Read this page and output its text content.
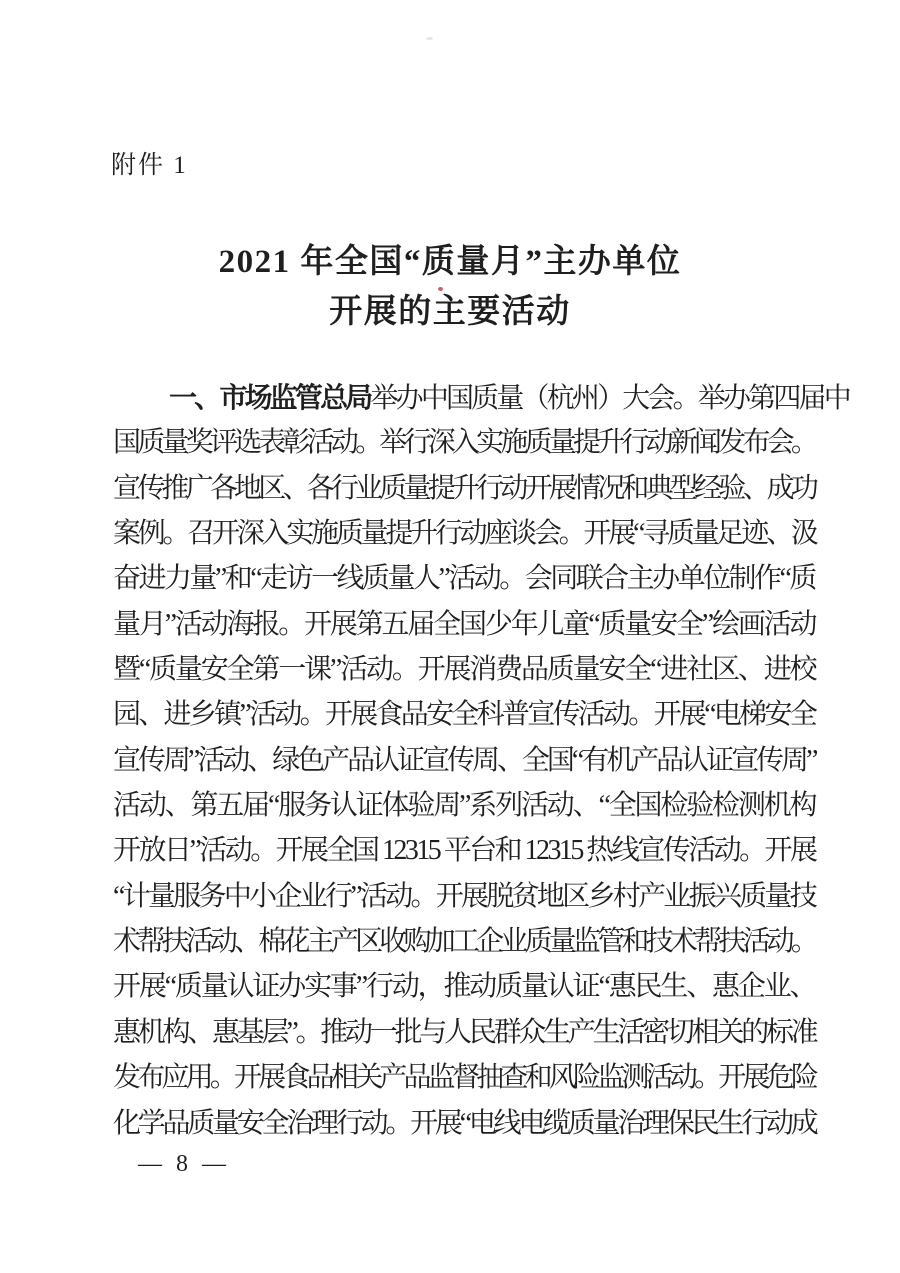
附件 1
2021 年全国“质量月”主办单位
开展的主要活动
一、市场监管总局举办中国质量（杭州）大会。举办第四届中
国质量奖评选表彰活动。举行深入实施质量提升行动新闻发布会。
宣传推广各地区、各行业质量提升行动开展情况和典型经验、成功
案例。召开深入实施质量提升行动座谈会。开展“寻质量足迹、汲
奋进力量”和“走访一线质量人”活动。会同联合主办单位制作“质
量月”活动海报。开展第五届全国少年儿童“质量安全”绘画活动
暨“质量安全第一课”活动。开展消费品质量安全“进社区、进校
园、进乡镇”活动。开展食品安全科普宣传活动。开展“电梯安全
宣传周”活动、绿色产品认证宣传周、全国“有机产品认证宣传周”
活动、第五届“服务认证体验周”系列活动、“全国检验检测机构
开放日”活动。开展全国 12315 平台和 12315 热线宣传活动。开展
“计量服务中小企业行”活动。开展脱贫地区乡村产业振兴质量技
术帮扶活动、棉花主产区收购加工企业质量监管和技术帮扶活动。
开展“质量认证办实事”行动，推动质量认证“惠民生、惠企业、
惠机构、惠基层”。推动一批与人民群众生产生活密切相关的标准
发布应用。开展食品相关产品监督抽查和风险监测活动。开展危险
化学品质量安全治理行动。开展“电线电缆质量治理保民生行动成
— 8 —
